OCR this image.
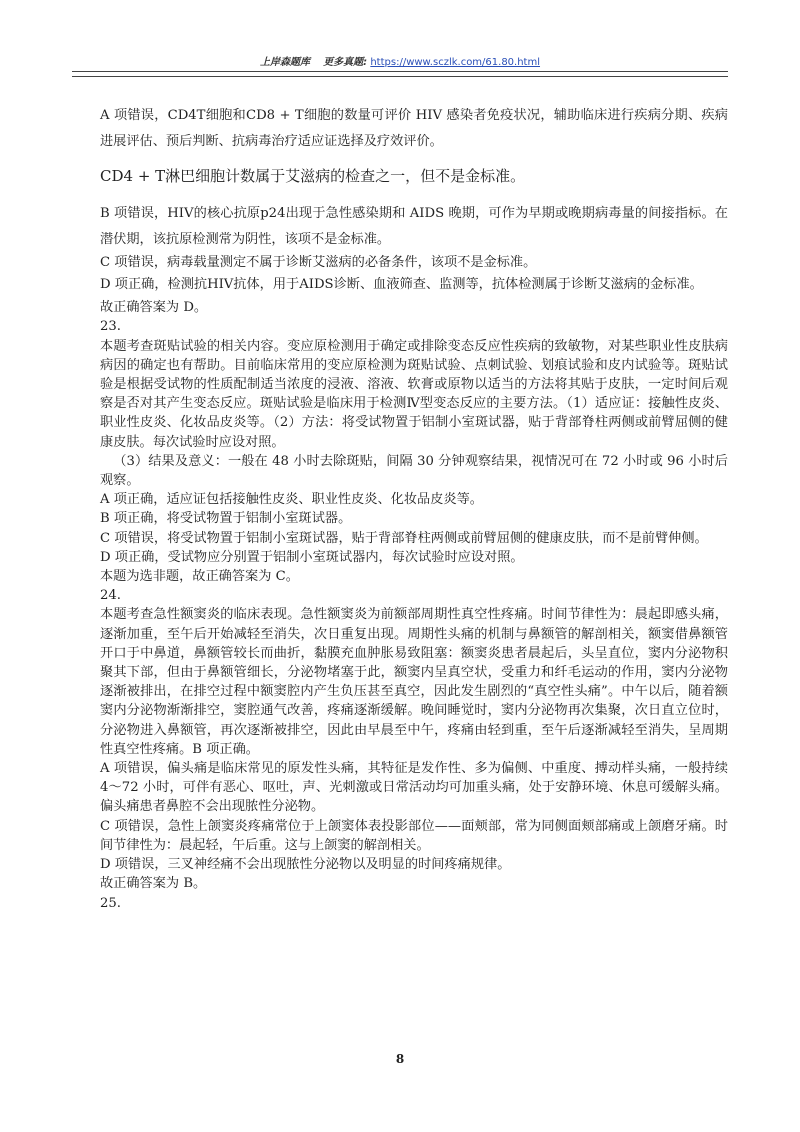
上岸森题库 更多真题: https://www.sczlk.com/61.80.html

A 项错误，CD4T细胞和CD8 + T细胞的数量可评价 HIV 感染者免疫状况，辅助临床进行疾病分期、疾病进展评估、预后判断、抗病毒治疗适应证选择及疗效评价。

CD4 + T淋巴细胞计数属于艾滋病的检查之一，但不是金标准。

B 项错误，HIV的核心抗原p24出现于急性感染期和 AIDS 晚期，可作为早期或晚期病毒量的间接指标。在潜伏期，该抗原检测常为阴性，该项不是金标准。

C 项错误，病毒载量测定不属于诊断艾滋病的必备条件，该项不是金标准。

D 项正确，检测抗HIV抗体，用于AIDS诊断、血液筛查、监测等，抗体检测属于诊断艾滋病的金标准。

故正确答案为 D。

23.

本题考查斑贴试验的相关内容。变应原检测用于确定或排除变态反应性疾病的致敏物，对某些职业性皮肤病病因的确定也有帮助。目前临床常用的变应原检测为斑贴试验、点刺试验、划痕试验和皮内试验等。斑贴试验是根据受试物的性质配制适当浓度的浸液、溶液、软膏或原物以适当的方法将其贴于皮肤，一定时间后观察是否对其产生变态反应。斑贴试验是临床用于检测Ⅳ型变态反应的主要方法。（1）适应证：接触性皮炎、职业性皮炎、化妆品皮炎等。（2）方法：将受试物置于铝制小室斑试器，贴于背部脊柱两侧或前臂屈侧的健康皮肤。每次试验时应设对照。

（3）结果及意义：一般在 48 小时去除斑贴，间隔 30 分钟观察结果，视情况可在 72 小时或 96 小时后观察。

A 项正确，适应证包括接触性皮炎、职业性皮炎、化妆品皮炎等。

B 项正确，将受试物置于铝制小室斑试器。

C 项错误，将受试物置于铝制小室斑试器，贴于背部脊柱两侧或前臂屈侧的健康皮肤，而不是前臂伸侧。

D 项正确，受试物应分别置于铝制小室斑试器内，每次试验时应设对照。

本题为选非题，故正确答案为 C。

24.

本题考查急性额窦炎的临床表现。急性额窦炎为前额部周期性真空性疼痛。时间节律性为：晨起即感头痛，逐渐加重，至午后开始减轻至消失，次日重复出现。周期性头痛的机制与鼻额管的解剖相关，额窦借鼻额管开口于中鼻道，鼻额管较长而曲折，黏膜充血肿胀易致阻塞：额窦炎患者晨起后，头呈直位，窦内分泌物积聚其下部，但由于鼻额管细长，分泌物堵塞于此，额窦内呈真空状，受重力和纤毛运动的作用，窦内分泌物逐渐被排出，在排空过程中额窦腔内产生负压甚至真空，因此发生剧烈的“真空性头痛”。中午以后，随着额窦内分泌物渐渐排空，窦腔通气改善，疼痛逐渐缓解。晚间睡觉时，窦内分泌物再次集聚，次日直立位时，分泌物进入鼻额管，再次逐渐被排空，因此由早晨至中午，疼痛由轻到重，至午后逐渐减轻至消失，呈周期性真空性疼痛。B 项正确。

A 项错误，偏头痛是临床常见的原发性头痛，其特征是发作性、多为偏侧、中重度、搏动样头痛，一般持续 4～72 小时，可伴有恶心、呕吐，声、光刺激或日常活动均可加重头痛，处于安静环境、休息可缓解头痛。偏头痛患者鼻腔不会出现脓性分泌物。

C 项错误，急性上颌窦炎疼痛常位于上颌窦体表投影部位——面颊部，常为同侧面颊部痛或上颌磨牙痛。时间节律性为：晨起轻，午后重。这与上颌窦的解剖相关。

D 项错误，三叉神经痛不会出现脓性分泌物以及明显的时间疼痛规律。

故正确答案为 B。

25.

8
